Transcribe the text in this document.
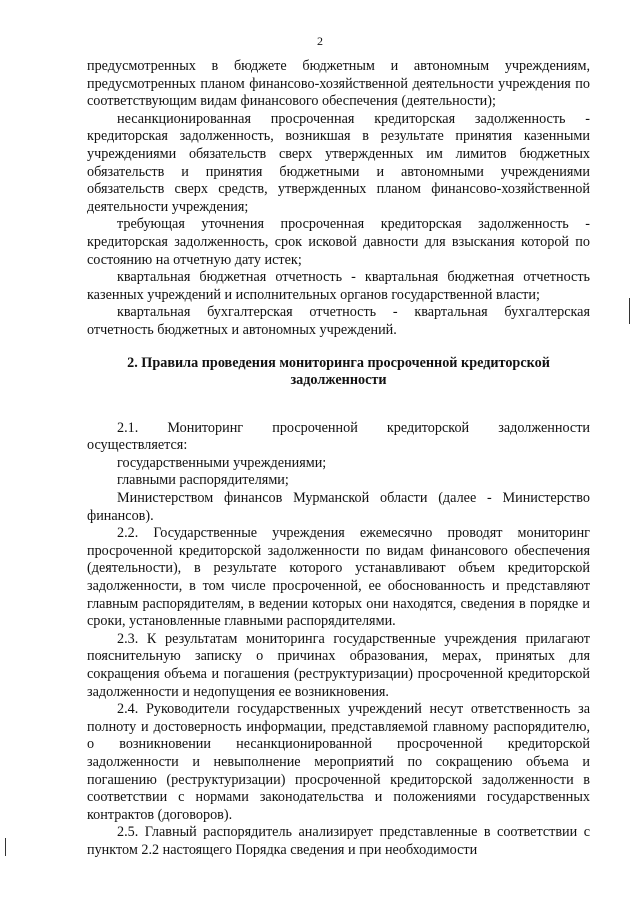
2

предусмотренных в бюджете бюджетным и автономным учреждениям, предусмотренных планом финансово-хозяйственной деятельности учреждения по соответствующим видам финансового обеспечения (деятельности);

несанкционированная просроченная кредиторская задолженность - кредиторская задолженность, возникшая в результате принятия казенными учреждениями обязательств сверх утвержденных им лимитов бюджетных обязательств и принятия бюджетными и автономными учреждениями обязательств сверх средств, утвержденных планом финансово-хозяйственной деятельности учреждения;

требующая уточнения просроченная кредиторская задолженность - кредиторская задолженность, срок исковой давности для взыскания которой по состоянию на отчетную дату истек;

квартальная бюджетная отчетность - квартальная бюджетная отчетность казенных учреждений и исполнительных органов государственной власти;

квартальная бухгалтерская отчетность - квартальная бухгалтерская отчетность бюджетных и автономных учреждений.

2. Правила проведения мониторинга просроченной кредиторской задолженности

2.1. Мониторинг просроченной кредиторской задолженности осуществляется:

государственными учреждениями;

главными распорядителями;

Министерством финансов Мурманской области (далее - Министерство финансов).

2.2. Государственные учреждения ежемесячно проводят мониторинг просроченной кредиторской задолженности по видам финансового обеспечения (деятельности), в результате которого устанавливают объем кредиторской задолженности, в том числе просроченной, ее обоснованность и представляют главным распорядителям, в ведении которых они находятся, сведения в порядке и сроки, установленные главными распорядителями.

2.3. К результатам мониторинга государственные учреждения прилагают пояснительную записку о причинах образования, мерах, принятых для сокращения объема и погашения (реструктуризации) просроченной кредиторской задолженности и недопущения ее возникновения.

2.4. Руководители государственных учреждений несут ответственность за полноту и достоверность информации, представляемой главному распорядителю, о возникновении несанкционированной просроченной кредиторской задолженности и невыполнение мероприятий по сокращению объема и погашению (реструктуризации) просроченной кредиторской задолженности в соответствии с нормами законодательства и положениями государственных контрактов (договоров).

2.5. Главный распорядитель анализирует представленные в соответствии с пунктом 2.2 настоящего Порядка сведения и при необходимости
